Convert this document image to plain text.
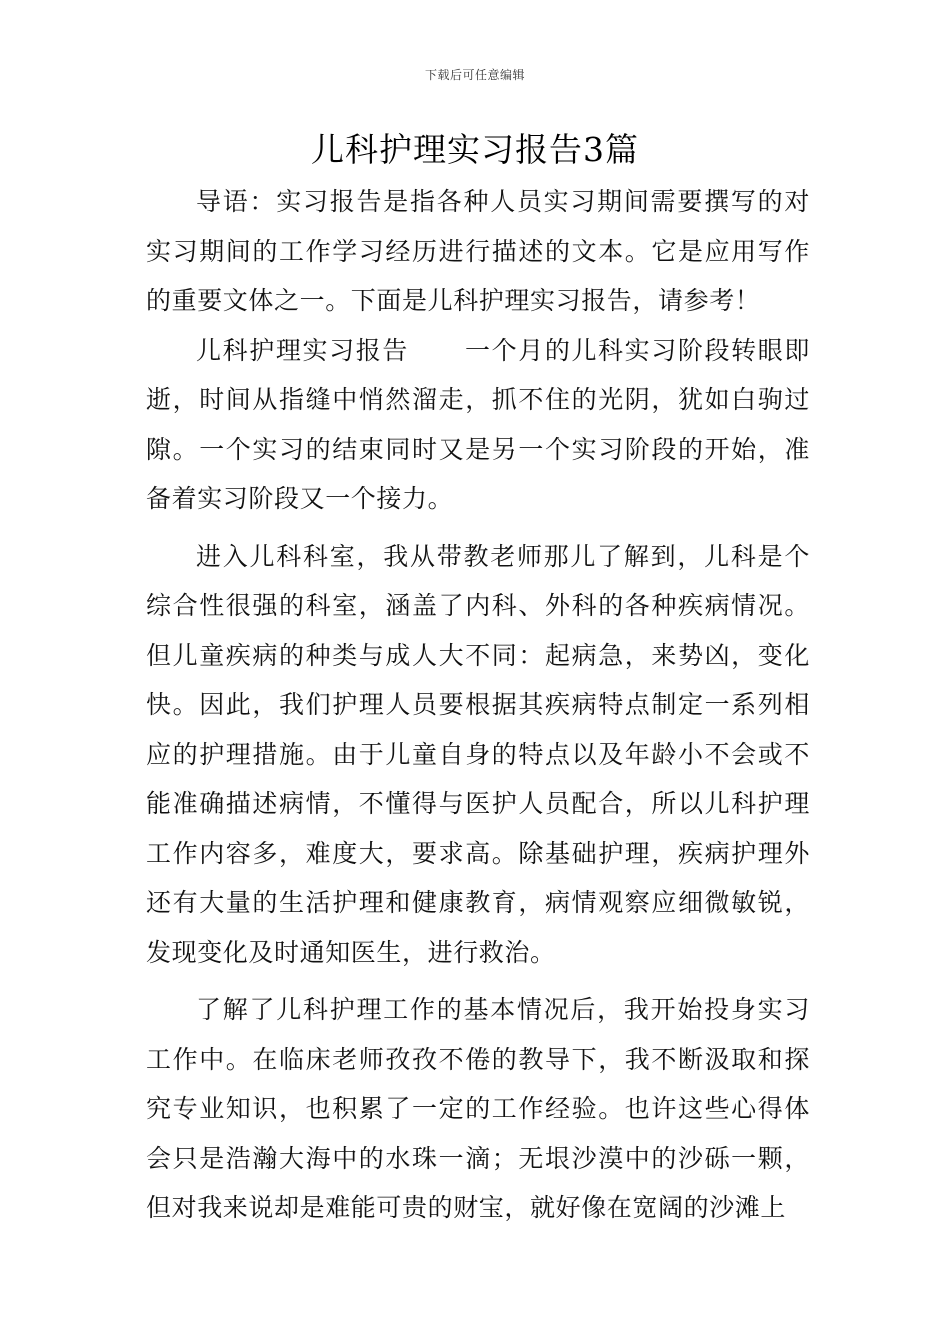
下载后可任意编辑
儿科护理实习报告3篇

导语：实习报告是指各种人员实习期间需要撰写的对实习期间的工作学习经历进行描述的文本。它是应用写作的重要文体之一。下面是儿科护理实习报告，请参考！

儿科护理实习报告 一个月的儿科实习阶段转眼即逝，时间从指缝中悄然溜走，抓不住的光阴，犹如白驹过隙。一个实习的结束同时又是另一个实习阶段的开始，准备着实习阶段又一个接力。

进入儿科科室，我从带教老师那儿了解到，儿科是个综合性很强的科室，涵盖了内科、外科的各种疾病情况。但儿童疾病的种类与成人大不同：起病急，来势凶，变化快。因此，我们护理人员要根据其疾病特点制定一系列相应的护理措施。由于儿童自身的特点以及年龄小不会或不能准确描述病情，不懂得与医护人员配合，所以儿科护理工作内容多，难度大，要求高。除基础护理，疾病护理外还有大量的生活护理和健康教育，病情观察应细微敏锐，发现变化及时通知医生，进行救治。

了解了儿科护理工作的基本情况后，我开始投身实习工作中。在临床老师孜孜不倦的教导下，我不断汲取和探究专业知识，也积累了一定的工作经验。也许这些心得体会只是浩瀚大海中的水珠一滴；无垠沙漠中的沙砾一颗，但对我来说却是难能可贵的财宝，就好像在宽阔的沙滩上
